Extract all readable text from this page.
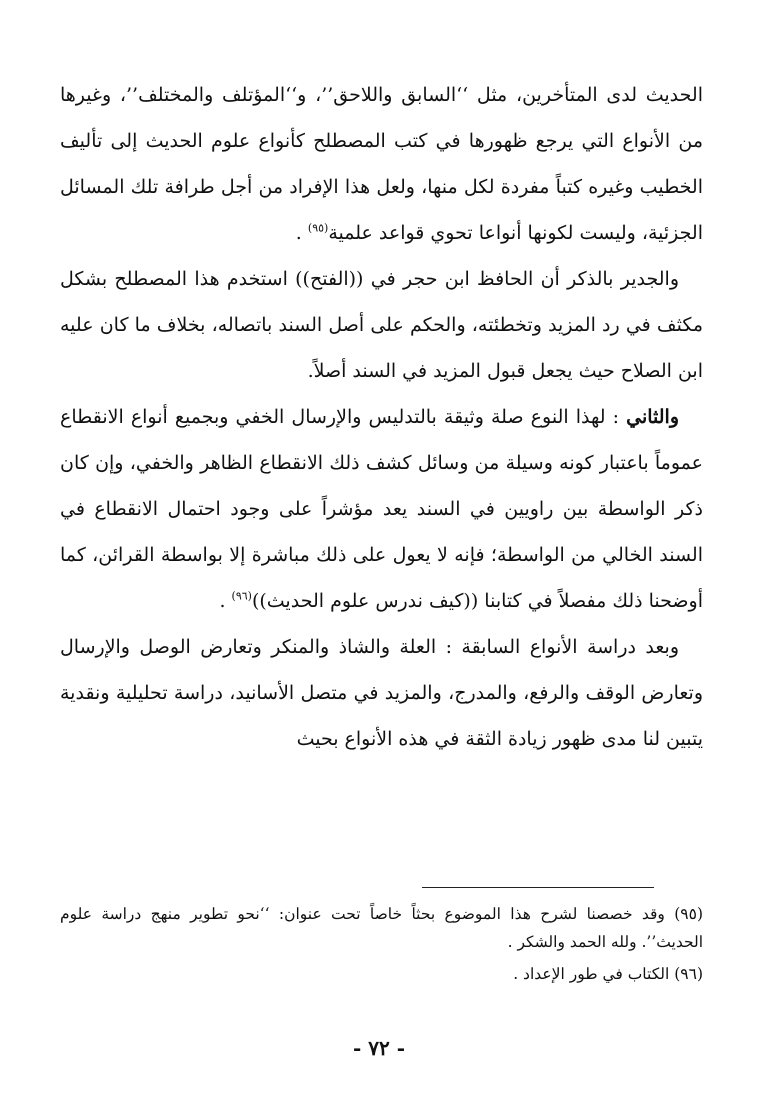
الحديث لدى المتأخرين، مثل ‘‘السابق واللاحق’’، و‘‘المؤتلف والمختلف’’، وغيرها من الأنواع التي يرجع ظهورها في كتب المصطلح كأنواع علوم الحديث إلى تأليف الخطيب وغيره كتباً مفردة لكل منها، ولعل هذا الإفراد من أجل طرافة تلك المسائل الجزئية، وليست لكونها أنواعا تحوي قواعد علمية$^{(٩٥)}$ .

والجدير بالذكر أن الحافظ ابن حجر في ((الفتح)) استخدم هذا المصطلح بشكل مكثف في رد المزيد وتخطئته، والحكم على أصل السند باتصاله، بخلاف ما كان عليه ابن الصلاح حيث يجعل قبول المزيد في السند أصلاً.

والثاني : لهذا النوع صلة وثيقة بالتدليس والإرسال الخفي وبجميع أنواع الانقطاع عموماً باعتبار كونه وسيلة من وسائل كشف ذلك الانقطاع الظاهر والخفي، وإن كان ذكر الواسطة بين راويين في السند يعد مؤشراً على وجود احتمال الانقطاع في السند الخالي من الواسطة؛ فإنه لا يعول على ذلك مباشرة إلا بواسطة القرائن، كما أوضحنا ذلك مفصلاً في كتابنا ((كيف ندرس علوم الحديث))$^{(٩٦)}$ .

وبعد دراسة الأنواع السابقة : العلة والشاذ والمنكر وتعارض الوصل والإرسال وتعارض الوقف والرفع، والمدرج، والمزيد في متصل الأسانيد، دراسة تحليلية ونقدية يتبين لنا مدى ظهور زيادة الثقة في هذه الأنواع بحيث

(٩٥) وقد خصصنا لشرح هذا الموضوع بحثاً خاصاً تحت عنوان: ‘‘نحو تطوير منهج دراسة علوم الحديث’’. ولله الحمد والشكر .

(٩٦) الكتاب في طور الإعداد .

- ٧٢ -
